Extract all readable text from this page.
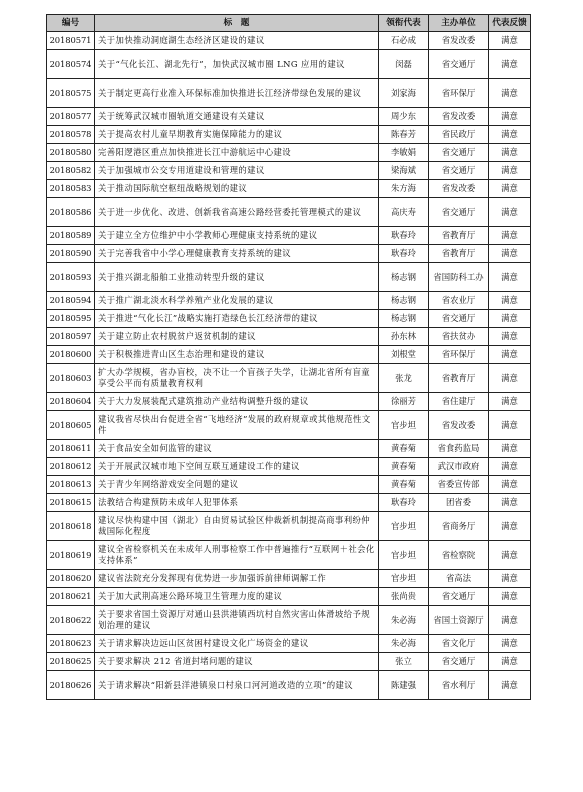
编号	标　题	领衔代表	主办单位	代表反馈
20180571	关于加快推动洞庭湖生态经济区建设的建议	石必成	省发改委	满意
20180574	关于“气化长江、湖北先行”，加快武汉城市圈 LNG 应用的建议	闵磊	省交通厅	满意
20180575	关于制定更高行业准入环保标准加快推进长江经济带绿色发展的建议	刘家海	省环保厅	满意
20180577	关于统筹武汉城市圈轨道交通建设有关建议	周少东	省发改委	满意
20180578	关于提高农村儿童早期教育实施保障能力的建议	陈春芳	省民政厅	满意
20180580	完善阳逻港区重点加快推进长江中游航运中心建设	李敏娟	省交通厅	满意
20180582	关于加强城市公交专用道建设和管理的建议	梁海斌	省交通厅	满意
20180583	关于推动国际航空枢纽战略规划的建议	朱方海	省发改委	满意
20180586	关于进一步优化、改进、创新我省高速公路经营委托管理模式的建议	高庆寿	省交通厅	满意
20180589	关于建立全方位维护中小学教师心理健康支持系统的建议	耿春玲	省教育厅	满意
20180590	关于完善我省中小学心理健康教育支持系统的建议	耿春玲	省教育厅	满意
20180593	关于推兴湖北船舶工业推动转型升级的建议	杨志钢	省国防科工办	满意
20180594	关于推广湖北淡水科学养殖产业化发展的建议	杨志钢	省农业厅	满意
20180595	关于推进“气化长江”战略实施打造绿色长江经济带的建议	杨志钢	省交通厅	满意
20180597	关于建立防止农村脱贫户返贫机制的建议	孙东林	省扶贫办	满意
20180600	关于积极推进青山区生态治理和建设的建议	刘根堂	省环保厅	满意
20180603	扩大办学规模，省办盲校，决不让一个盲孩子失学，让湖北省所有盲童享受公平而有质量教育权利	张龙	省教育厅	满意
20180604	关于大力发展装配式建筑推动产业结构调整升级的建议	徐丽芳	省住建厅	满意
20180605	建议我省尽快出台促进全省“飞地经济”发展的政府规章或其他规范性文件	官步坦	省发改委	满意
20180611	关于食品安全如何监管的建议	黄春菊	省食药监局	满意
20180612	关于开展武汉城市地下空间互联互通建设工作的建议	黄春菊	武汉市政府	满意
20180613	关于青少年网络游戏安全问题的建议	黄春菊	省委宣传部	满意
20180615	法教结合构建预防未成年人犯罪体系	耿春玲	团省委	满意
20180618	建议尽快构建中国（湖北）自由贸易试验区仲裁新机制提高商事利纷仲裁国际化程度	官步坦	省商务厅	满意
20180619	建议全省检察机关在未成年人刑事检察工作中普遍推行“互联网＋社会化支持体系”	官步坦	省检察院	满意
20180620	建议省法院充分发挥现有优势进一步加强诉前律师调解工作	官步坦	省高法	满意
20180621	关于加大武荆高速公路环境卫生管理力度的建议	张尚贵	省交通厅	满意
20180622	关于要求省国土资源厅对通山县洪港镇西坑村自然灾害山体滑坡给予规划治理的建议	朱必海	省国土资源厅	满意
20180623	关于请求解决边远山区贫困村建设文化广场资金的建议	朱必海	省文化厅	满意
20180625	关于要求解决 212 省道封堵问题的建议	张立	省交通厅	满意
20180626	关于请求解决“阳新县洋港镇泉口村泉口河河道改造的立项”的建议	陈建强	省水利厅	满意
